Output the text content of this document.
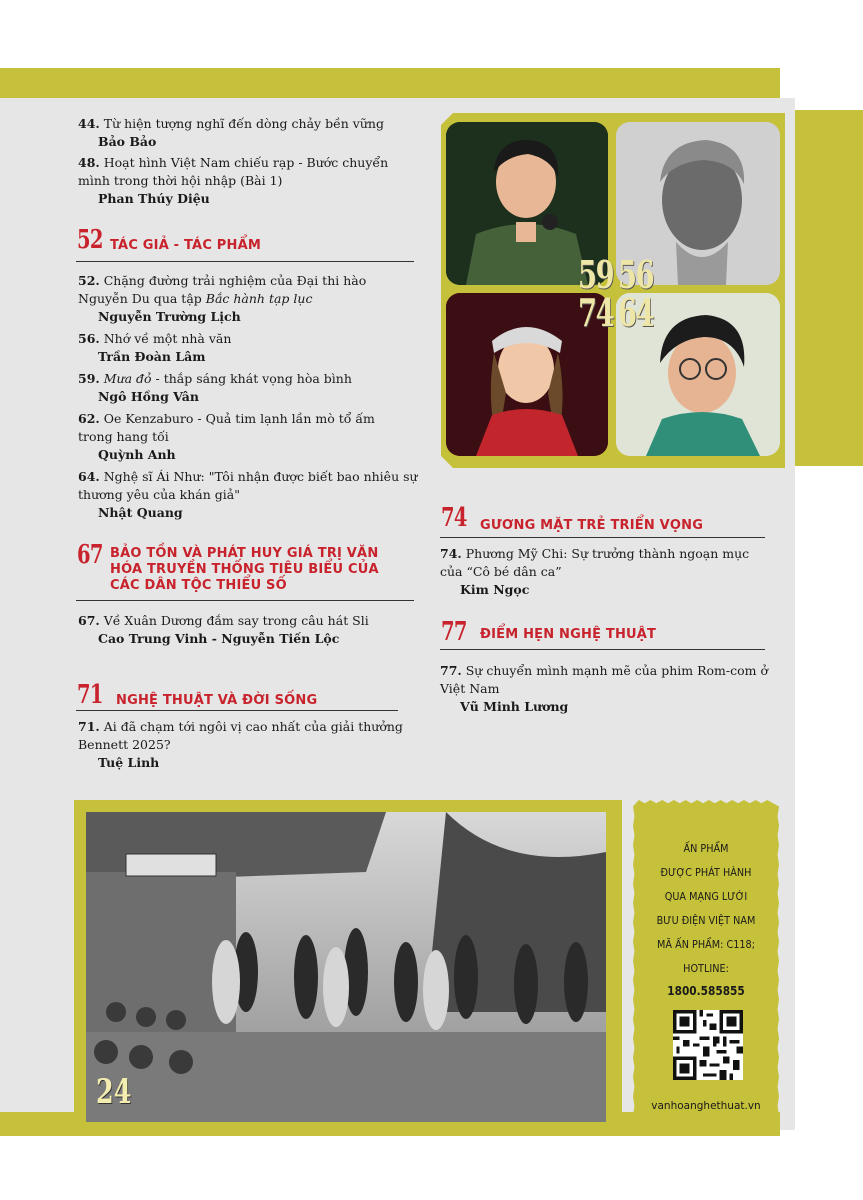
44. Từ hiện tượng nghĩ đến dòng chảy bền vững
Bảo Bảo
48. Hoạt hình Việt Nam chiếu rạp - Bước chuyển mình trong thời hội nhập (Bài 1)
Phan Thúy Diệu
52 TÁC GIẢ - TÁC PHẨM
52. Chặng đường trải nghiệm của Đại thi hào Nguyễn Du qua tập Bắc hành tạp lục
Nguyễn Trường Lịch
56. Nhớ về một nhà văn
Trần Đoàn Lâm
59. Mưa đỏ - thắp sáng khát vọng hòa bình
Ngô Hồng Vân
62. Oe Kenzaburo - Quả tim lạnh lần mò tổ ấm trong hang tối
Quỳnh Anh
64. Nghệ sĩ Ái Như: "Tôi nhận được biết bao nhiêu sự thương yêu của khán giả"
Nhật Quang
67 BẢO TỒN VÀ PHÁT HUY GIÁ TRỊ VĂN HÓA TRUYỀN THỐNG TIÊU BIỂU CỦA CÁC DÂN TỘC THIỂU SỐ
67. Về Xuân Dương đắm say trong câu hát Sli
Cao Trung Vinh - Nguyễn Tiến Lộc
71 NGHỆ THUẬT VÀ ĐỜI SỐNG
71. Ai đã chạm tới ngôi vị cao nhất của giải thưởng Bennett 2025?
Tuệ Linh
59 56
74 64
74 GƯƠNG MẶT TRẺ TRIỂN VỌNG
74. Phương Mỹ Chi: Sự trưởng thành ngoạn mục của “Cô bé dân ca”
Kim Ngọc
77 ĐIỂM HẸN NGHỆ THUẬT
77. Sự chuyển mình mạnh mẽ của phim Rom-com ở Việt Nam
Vũ Minh Lương
24
ẤN PHẨM
ĐƯỢC PHÁT HÀNH
QUA MẠNG LƯỚI
BƯU ĐIỆN VIỆT NAM
MÃ ẤN PHẨM: C118;
HOTLINE:
1800.585855
vanhoanghethuat.vn
